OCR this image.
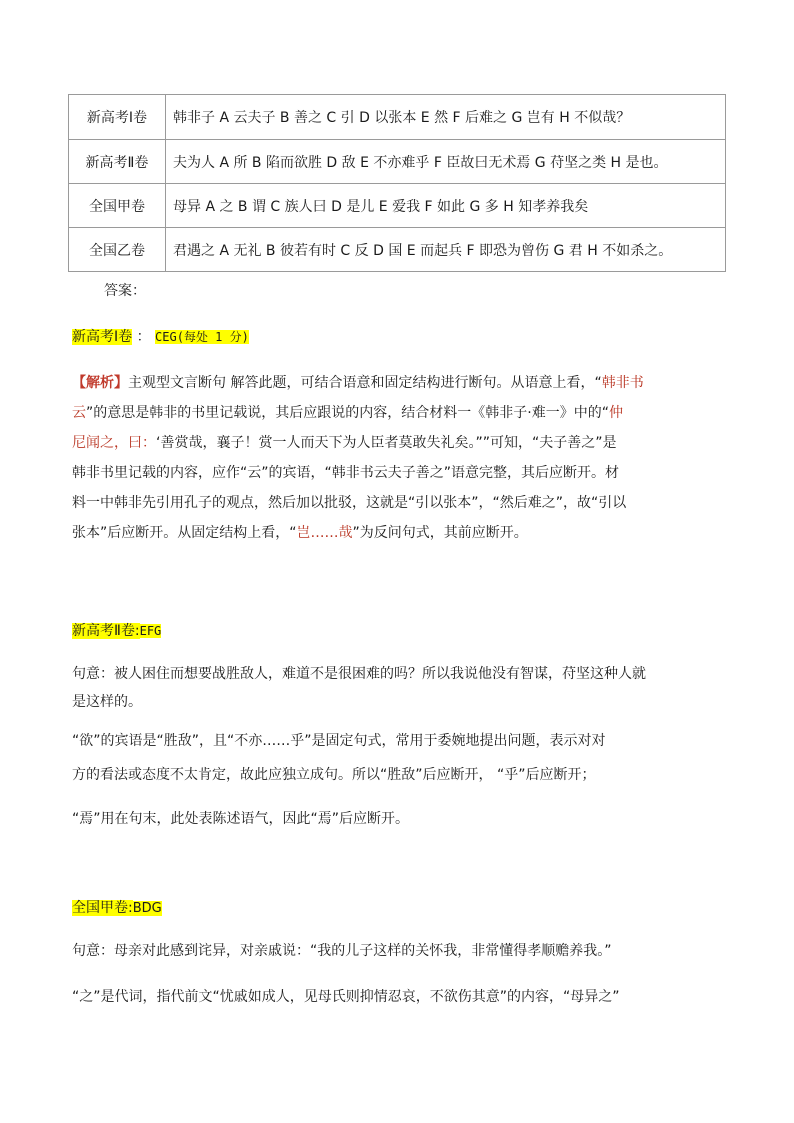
新高考Ⅰ卷	韩非子 A 云夫子 B 善之 C 引 D 以张本 E 然 F 后难之 G 岂有 H 不似哉？
新高考Ⅱ卷	夫为人 A 所 B 陷而欲胜 D 敌 E 不亦难乎 F 臣故曰无术焉 G 苻坚之类 H 是也。
全国甲卷	母异 A 之 B 谓 C 族人曰 D 是儿 E 爱我 F 如此 G 多 H 知孝养我矣
全国乙卷	君遇之 A 无礼 B 彼若有时 C 反 D 国 E 而起兵 F 即恐为曾伤 G 君 H 不如杀之。
答案：

新高考Ⅰ卷 ： CEG(每处 1 分)

【解析】主观型文言断句 解答此题，可结合语意和固定结构进行断句。从语意上看，“韩非书
云”的意思是韩非的书里记载说，其后应跟说的内容，结合材料一《韩非子·难一》中的“仲
尼闻之，曰：‘善赏哉，襄子！赏一人而天下为人臣者莫敢失礼矣。””可知，“夫子善之”是
韩非书里记载的内容，应作“云”的宾语，“韩非书云夫子善之”语意完整，其后应断开。材
料一中韩非先引用孔子的观点，然后加以批驳，这就是“引以张本”，“然后难之”，故“引以
张本”后应断开。从固定结构上看，“岂……哉”为反问句式，其前应断开。

新高考Ⅱ卷:EFG

句意：被人困住而想要战胜敌人，难道不是很困难的吗？所以我说他没有智谋，苻坚这种人就
是这样的。
“欲”的宾语是“胜敌”，且“不亦……乎”是固定句式，常用于委婉地提出问题，表示对对
方的看法或态度不太肯定，故此应独立成句。所以“胜敌”后应断开， “乎”后应断开；
“焉”用在句末，此处表陈述语气，因此“焉”后应断开。

全国甲卷:BDG

句意：母亲对此感到诧异，对亲戚说：“我的儿子这样的关怀我，非常懂得孝顺赡养我。”
“之”是代词，指代前文“忧戚如成人，见母氏则抑情忍哀，不欲伤其意”的内容，“母异之”
